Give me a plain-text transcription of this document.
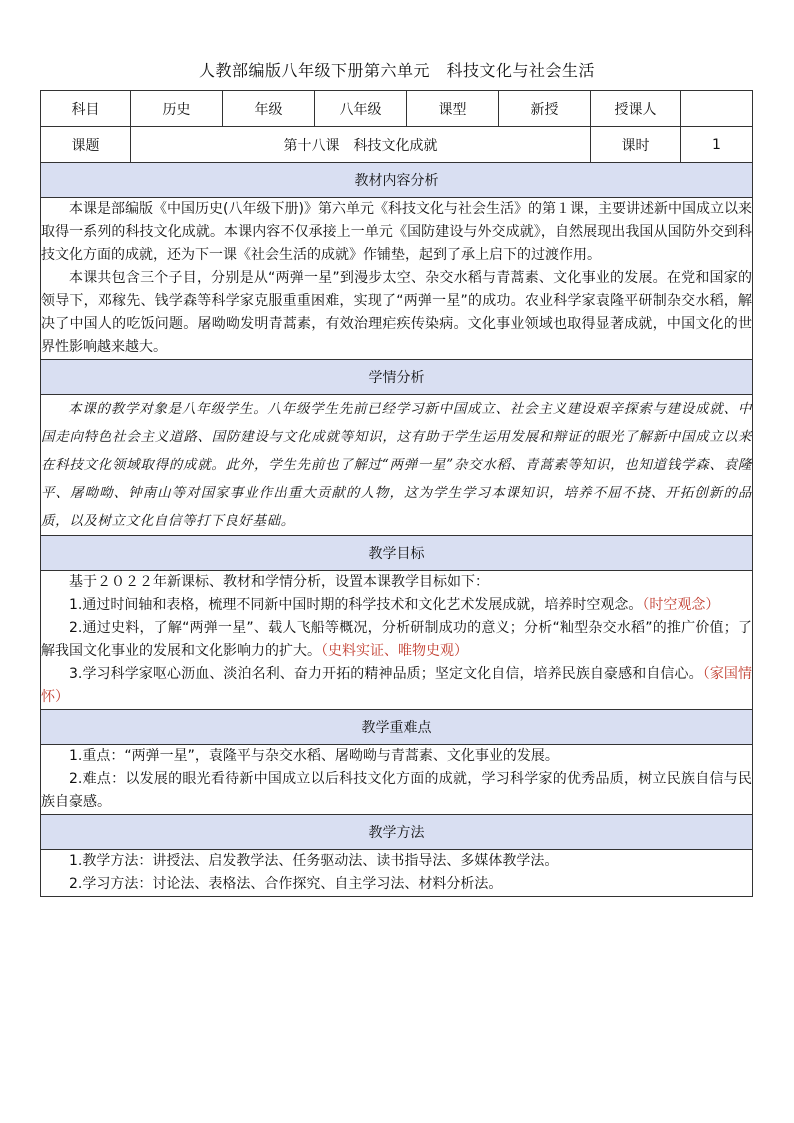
人教部编版八年级下册第六单元　科技文化与社会生活
科目	历史	年级	八年级	课型	新授	授课人	
课题	第十八课　科技文化成就					课时	1
教材内容分析							

本课是部编版《中国历史(八年级下册)》第六单元《科技文化与社会生活》的第１课，主要讲述新中国成立以来取得一系列的科技文化成就。本课内容不仅承接上一单元《国防建设与外交成就》，自然展现出我国从国防外交到科技文化方面的成就，还为下一课《社会生活的成就》作铺垫，起到了承上启下的过渡作用。

本课共包含三个子目，分别是从“两弹一星”到漫步太空、杂交水稻与青蒿素、文化事业的发展。在党和国家的领导下，邓稼先、钱学森等科学家克服重重困难，实现了“两弹一星”的成功。农业科学家袁隆平研制杂交水稻，解决了中国人的吃饭问题。屠呦呦发明青蒿素，有效治理疟疾传染病。文化事业领域也取得显著成就，中国文化的世界性影响越来越大。							

学情分析							

本课的教学对象是八年级学生。八年级学生先前已经学习新中国成立、社会主义建设艰辛探索与建设成就、中国走向特色社会主义道路、国防建设与文化成就等知识，这有助于学生运用发展和辩证的眼光了解新中国成立以来在科技文化领域取得的成就。此外，学生先前也了解过“两弹一星”杂交水稻、青蒿素等知识，也知道钱学森、袁隆平、屠呦呦、钟南山等对国家事业作出重大贡献的人物，这为学生学习本课知识，培养不屈不挠、开拓创新的品质，以及树立文化自信等打下良好基础。							

教学目标							

基于２０２２年新课标、教材和学情分析，设置本课教学目标如下：

1.通过时间轴和表格，梳理不同新中国时期的科学技术和文化艺术发展成就，培养时空观念。（时空观念）

2.通过史料，了解“两弹一星”、载人飞船等概况，分析研制成功的意义；分析“籼型杂交水稻”的推广价值；了解我国文化事业的发展和文化影响力的扩大。（史料实证、唯物史观）

3.学习科学家呕心沥血、淡泊名利、奋力开拓的精神品质；坚定文化自信，培养民族自豪感和自信心。（家国情怀）							

教学重难点							

1.重点：“两弹一星”，袁隆平与杂交水稻、屠呦呦与青蒿素、文化事业的发展。

2.难点：以发展的眼光看待新中国成立以后科技文化方面的成就，学习科学家的优秀品质，树立民族自信与民族自豪感。							

教学方法							

1.教学方法：讲授法、启发教学法、任务驱动法、读书指导法、多媒体教学法。

2.学习方法：讨论法、表格法、合作探究、自主学习法、材料分析法。							
